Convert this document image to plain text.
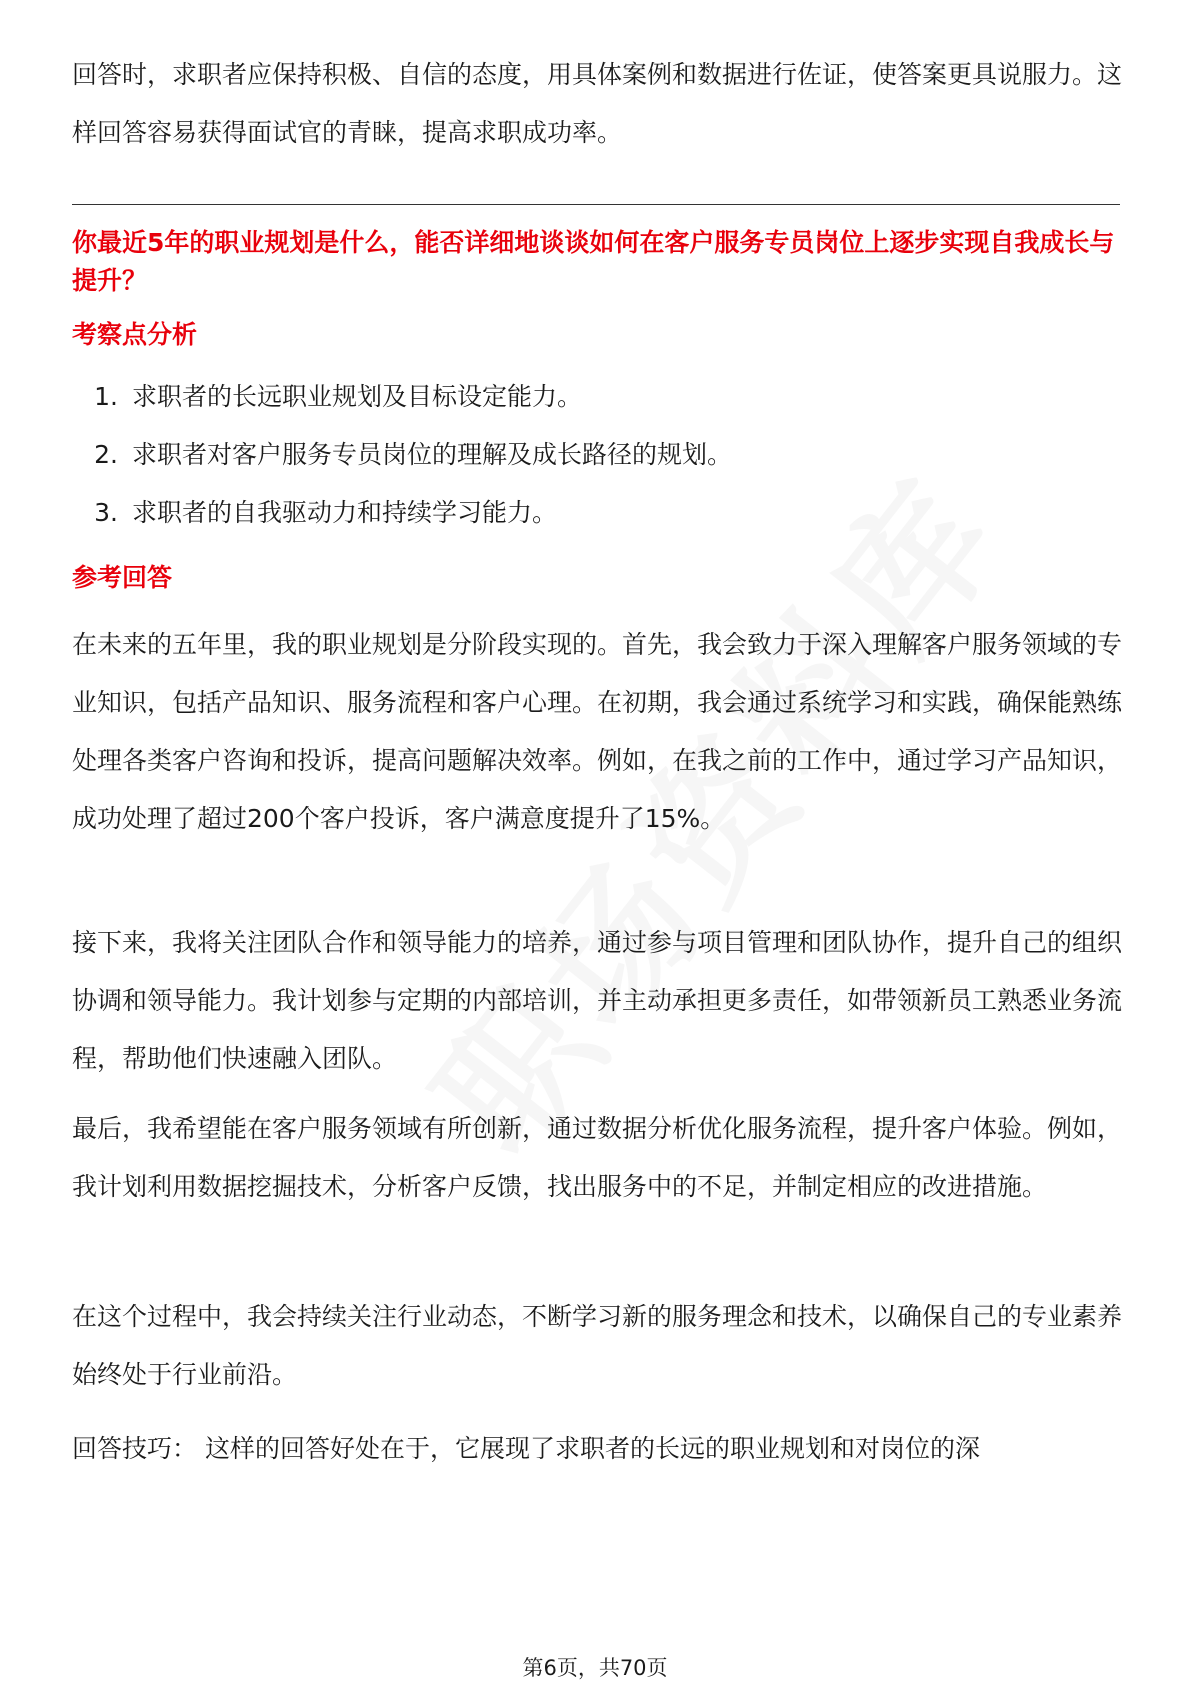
回答时，求职者应保持积极、自信的态度，用具体案例和数据进行佐证，使答案更具说服力。这样回答容易获得面试官的青睐，提高求职成功率。

你最近5年的职业规划是什么，能否详细地谈谈如何在客户服务专员岗位上逐步实现自我成长与提升？

考察点分析

1. 求职者的长远职业规划及目标设定能力。
2. 求职者对客户服务专员岗位的理解及成长路径的规划。
3. 求职者的自我驱动力和持续学习能力。

参考回答

在未来的五年里，我的职业规划是分阶段实现的。首先，我会致力于深入理解客户服务领域的专业知识，包括产品知识、服务流程和客户心理。在初期，我会通过系统学习和实践，确保能熟练处理各类客户咨询和投诉，提高问题解决效率。例如，在我之前的工作中，通过学习产品知识，成功处理了超过200个客户投诉，客户满意度提升了15%。

接下来，我将关注团队合作和领导能力的培养，通过参与项目管理和团队协作，提升自己的组织协调和领导能力。我计划参与定期的内部培训，并主动承担更多责任，如带领新员工熟悉业务流程，帮助他们快速融入团队。

最后，我希望能在客户服务领域有所创新，通过数据分析优化服务流程，提升客户体验。例如，我计划利用数据挖掘技术，分析客户反馈，找出服务中的不足，并制定相应的改进措施。

在这个过程中，我会持续关注行业动态，不断学习新的服务理念和技术，以确保自己的专业素养始终处于行业前沿。

回答技巧： 这样的回答好处在于，它展现了求职者的长远的职业规划和对岗位的深

第6页，共70页
